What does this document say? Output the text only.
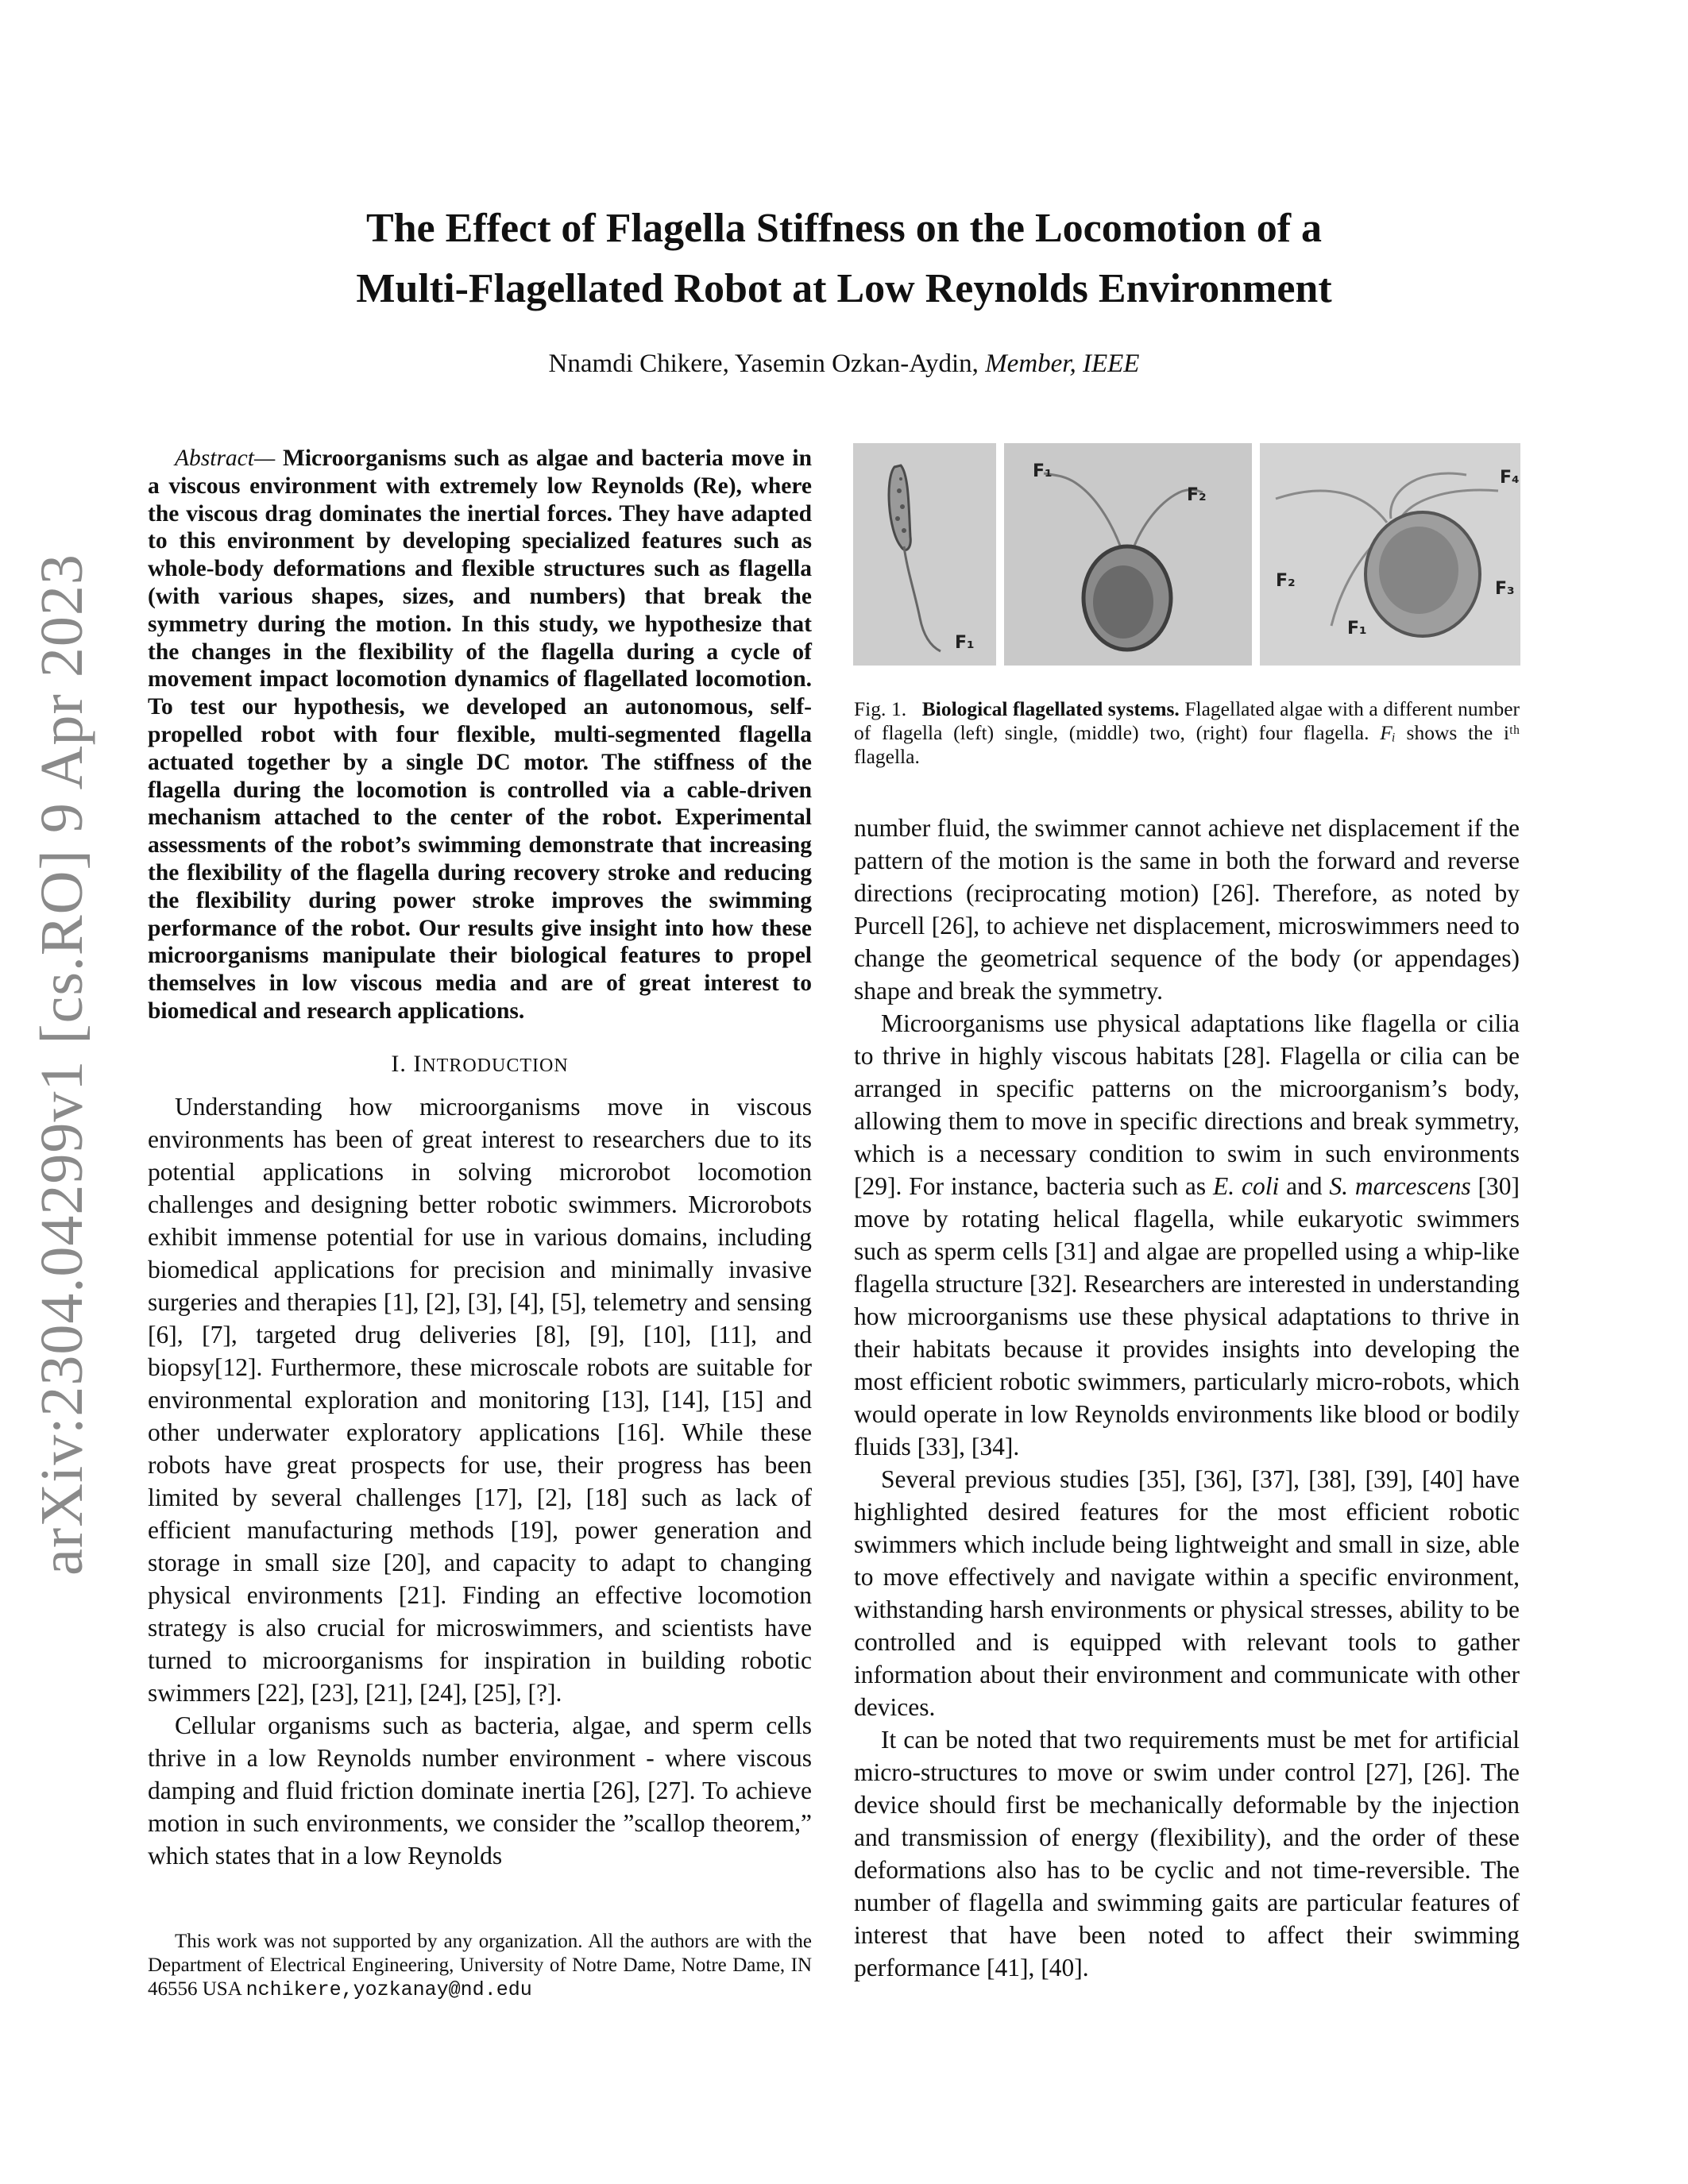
arXiv:2304.04299v1 [cs.RO] 9 Apr 2023
The Effect of Flagella Stiffness on the Locomotion of a
Multi-Flagellated Robot at Low Reynolds Environment
Nnamdi Chikere, Yasemin Ozkan-Aydin, Member, IEEE

Abstract— Microorganisms such as algae and bacteria move in a viscous environment with extremely low Reynolds (Re), where the viscous drag dominates the inertial forces. They have adapted to this environment by developing specialized features such as whole-body deformations and flexible structures such as flagella (with various shapes, sizes, and numbers) that break the symmetry during the motion. In this study, we hypothesize that the changes in the flexibility of the flagella during a cycle of movement impact locomotion dynamics of flagellated locomotion. To test our hypothesis, we developed an autonomous, self-propelled robot with four flexible, multi-segmented flagella actuated together by a single DC motor. The stiffness of the flagella during the locomotion is controlled via a cable-driven mechanism attached to the center of the robot. Experimental assessments of the robot’s swimming demonstrate that increasing the flexibility of the flagella during recovery stroke and reducing the flexibility during power stroke improves the swimming performance of the robot. Our results give insight into how these microorganisms manipulate their biological features to propel themselves in low viscous media and are of great interest to biomedical and research applications.

I. INTRODUCTION

Understanding how microorganisms move in viscous environments has been of great interest to researchers due to its potential applications in solving microrobot locomotion challenges and designing better robotic swimmers. Microrobots exhibit immense potential for use in various domains, including biomedical applications for precision and minimally invasive surgeries and therapies [1], [2], [3], [4], [5], telemetry and sensing [6], [7], targeted drug deliveries [8], [9], [10], [11], and biopsy[12]. Furthermore, these microscale robots are suitable for environmental exploration and monitoring [13], [14], [15] and other underwater exploratory applications [16]. While these robots have great prospects for use, their progress has been limited by several challenges [17], [2], [18] such as lack of efficient manufacturing methods [19], power generation and storage in small size [20], and capacity to adapt to changing physical environments [21]. Finding an effective locomotion strategy is also crucial for microswimmers, and scientists have turned to microorganisms for inspiration in building robotic swimmers [22], [23], [21], [24], [25], [?].

Cellular organisms such as bacteria, algae, and sperm cells thrive in a low Reynolds number environment - where viscous damping and fluid friction dominate inertia [26], [27]. To achieve motion in such environments, we consider the ”scallop theorem,” which states that in a low Reynolds

This work was not supported by any organization. All the authors are with the Department of Electrical Engineering, University of Notre Dame, Notre Dame, IN 46556 USA nchikere,yozkanay@nd.edu
F₁
F₁
F₂
F₄
F₂	F₃
F₁
Fig. 1. Biological flagellated systems. Flagellated algae with a different number of flagella (left) single, (middle) two, (right) four flagella. Fᵢ shows the iᵗʰ flagella.

number fluid, the swimmer cannot achieve net displacement if the pattern of the motion is the same in both the forward and reverse directions (reciprocating motion) [26]. Therefore, as noted by Purcell [26], to achieve net displacement, microswimmers need to change the geometrical sequence of the body (or appendages) shape and break the symmetry.

Microorganisms use physical adaptations like flagella or cilia to thrive in highly viscous habitats [28]. Flagella or cilia can be arranged in specific patterns on the microorganism’s body, allowing them to move in specific directions and break symmetry, which is a necessary condition to swim in such environments [29]. For instance, bacteria such as E. coli and S. marcescens [30] move by rotating helical flagella, while eukaryotic swimmers such as sperm cells [31] and algae are propelled using a whip-like flagella structure [32]. Researchers are interested in understanding how microorganisms use these physical adaptations to thrive in their habitats because it provides insights into developing the most efficient robotic swimmers, particularly micro-robots, which would operate in low Reynolds environments like blood or bodily fluids [33], [34].

Several previous studies [35], [36], [37], [38], [39], [40] have highlighted desired features for the most efficient robotic swimmers which include being lightweight and small in size, able to move effectively and navigate within a specific environment, withstanding harsh environments or physical stresses, ability to be controlled and is equipped with relevant tools to gather information about their environment and communicate with other devices.

It can be noted that two requirements must be met for artificial micro-structures to move or swim under control [27], [26]. The device should first be mechanically deformable by the injection and transmission of energy (flexibility), and the order of these deformations also has to be cyclic and not time-reversible. The number of flagella and swimming gaits are particular features of interest that have been noted to affect their swimming performance [41], [40].
